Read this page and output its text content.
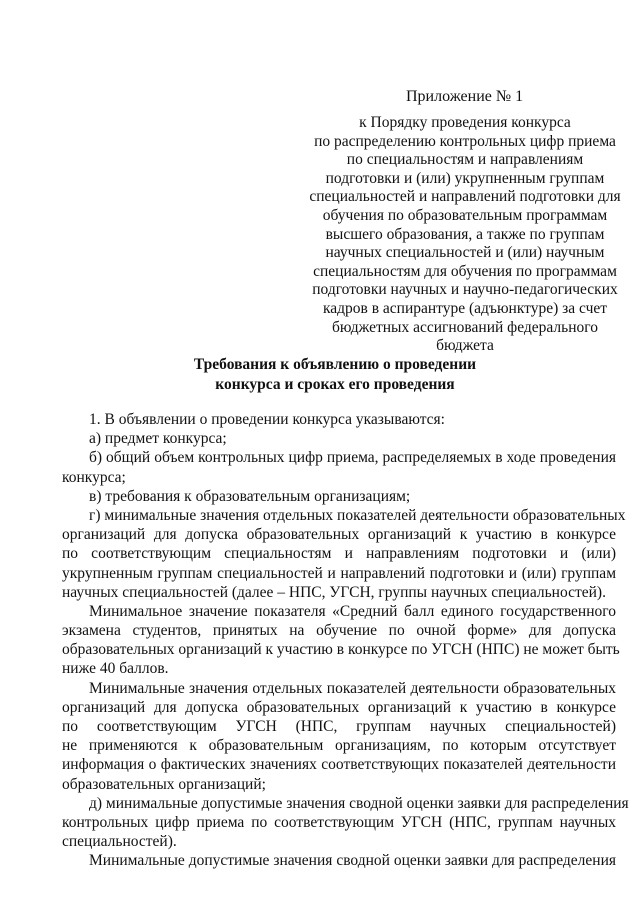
Приложение № 1
к Порядку проведения конкурса
по распределению контрольных цифр приема
по специальностям и направлениям
подготовки и (или) укрупненным группам
специальностей и направлений подготовки для
обучения по образовательным программам
высшего образования, а также по группам
научных специальностей и (или) научным
специальностям для обучения по программам
подготовки научных и научно-педагогических
кадров в аспирантуре (адъюнктуре) за счет
бюджетных ассигнований федерального
бюджета
Требования к объявлению о проведении
конкурса и сроках его проведения
1. В объявлении о проведении конкурса указываются:
а) предмет конкурса;
б) общий объем контрольных цифр приема, распределяемых в ходе проведения
конкурса;
в) требования к образовательным организациям;
г) минимальные значения отдельных показателей деятельности образовательных
организаций для допуска образовательных организаций к участию в конкурсе
по соответствующим специальностям и направлениям подготовки и (или)
укрупненным группам специальностей и направлений подготовки и (или) группам
научных специальностей (далее – НПС, УГСН, группы научных специальностей).
Минимальное значение показателя «Средний балл единого государственного
экзамена студентов, принятых на обучение по очной форме» для допуска
образовательных организаций к участию в конкурсе по УГСН (НПС) не может быть
ниже 40 баллов.
Минимальные значения отдельных показателей деятельности образовательных
организаций для допуска образовательных организаций к участию в конкурсе
по соответствующим УГСН (НПС, группам научных специальностей)
не применяются к образовательным организациям, по которым отсутствует
информация о фактических значениях соответствующих показателей деятельности
образовательных организаций;
д) минимальные допустимые значения сводной оценки заявки для распределения
контрольных цифр приема по соответствующим УГСН (НПС, группам научных
специальностей).
Минимальные допустимые значения сводной оценки заявки для распределения
